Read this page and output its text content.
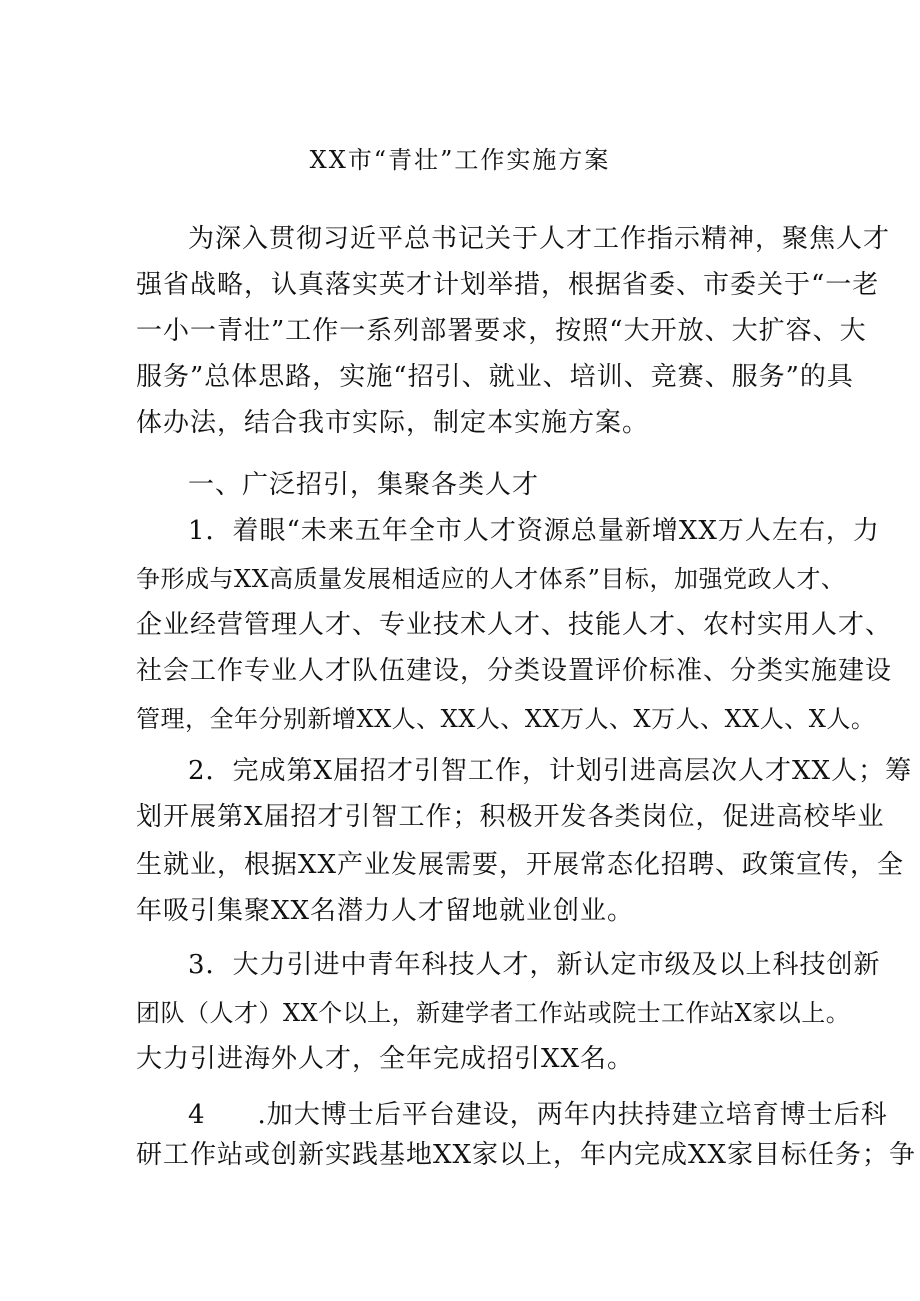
XX市“青壮”工作实施方案
为深入贯彻习近平总书记关于人才工作指示精神，聚焦人才
强省战略，认真落实英才计划举措，根据省委、市委关于“一老
一小一青壮”工作一系列部署要求，按照“大开放、大扩容、大
服务”总体思路，实施“招引、就业、培训、竞赛、服务”的具
体办法，结合我市实际，制定本实施方案。
一、广泛招引，集聚各类人才
1．着眼“未来五年全市人才资源总量新增XX万人左右，力
争形成与XX高质量发展相适应的人才体系”目标，加强党政人才、
企业经营管理人才、专业技术人才、技能人才、农村实用人才、
社会工作专业人才队伍建设，分类设置评价标准、分类实施建设
管理，全年分别新增XX人、XX人、XX万人、X万人、XX人、X人。
2．完成第X届招才引智工作，计划引进高层次人才XX人；筹
划开展第X届招才引智工作；积极开发各类岗位，促进高校毕业
生就业，根据XX产业发展需要，开展常态化招聘、政策宣传，全
年吸引集聚XX名潜力人才留地就业创业。
3．大力引进中青年科技人才，新认定市级及以上科技创新
团队（人才）XX个以上，新建学者工作站或院士工作站X家以上。
大力引进海外人才，全年完成招引XX名。
4 .加大博士后平台建设，两年内扶持建立培育博士后科
研工作站或创新实践基地XX家以上，年内完成XX家目标任务；争
